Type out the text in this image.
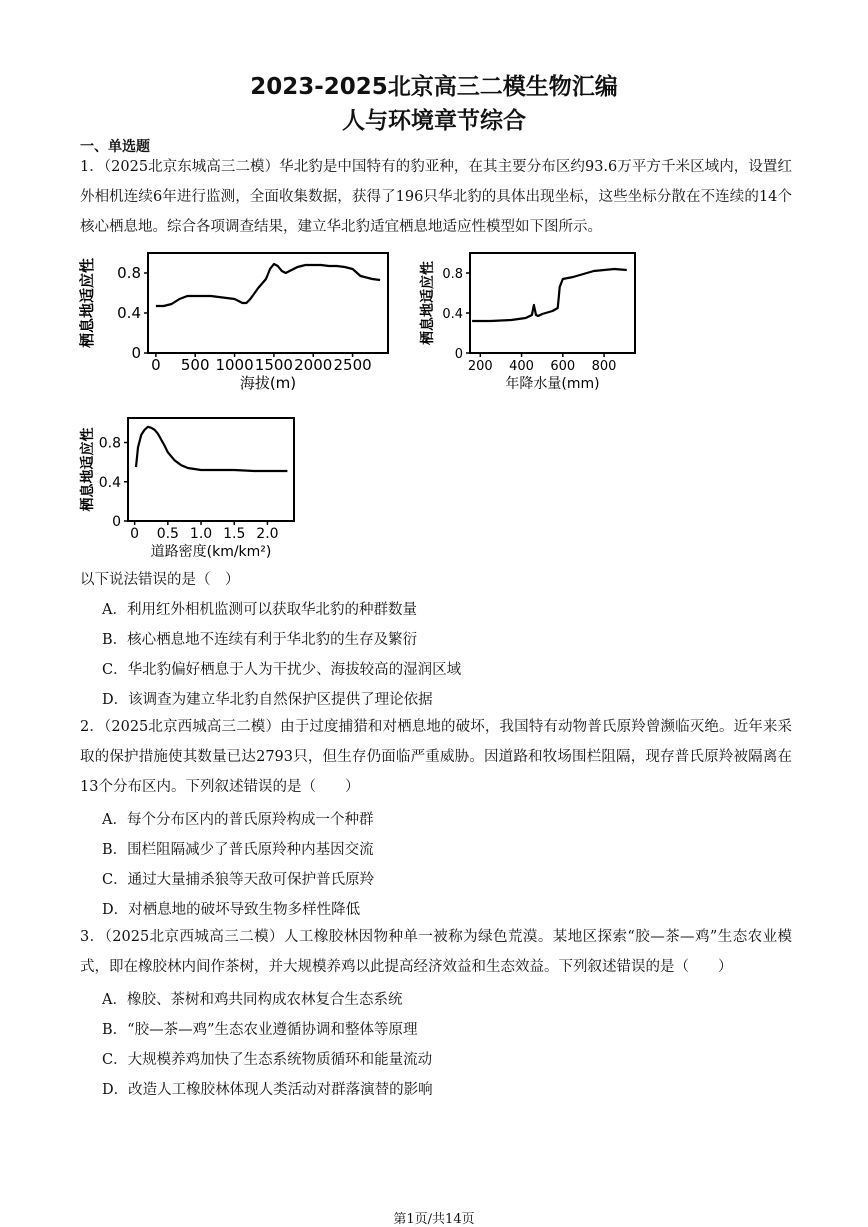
2023-2025北京高三二模生物汇编
人与环境章节综合
一、单选题
1．（2025北京东城高三二模）华北豹是中国特有的豹亚种，在其主要分布区约93.6万平方千米区域内，设置红外相机连续6年进行监测，全面收集数据，获得了196只华北豹的具体出现坐标，这些坐标分散在不连续的14个核心栖息地。综合各项调查结果，建立华北豹适宜栖息地适应性模型如下图所示。
0 500 1000 1500 2000 2500
0
0.4
0.8
海拔(m)
栖息地适应性
200 400 600 800
0
0.4
0.8
年降水量(mm)
栖息地适应性
0 0.5 1.0 1.5 2.0
0
0.4
0.8
道路密度(km/km²)
栖息地适应性
以下说法错误的是（　）
A．利用红外相机监测可以获取华北豹的种群数量
B．核心栖息地不连续有利于华北豹的生存及繁衍
C．华北豹偏好栖息于人为干扰少、海拔较高的湿润区域
D．该调查为建立华北豹自然保护区提供了理论依据
2．（2025北京西城高三二模）由于过度捕猎和对栖息地的破坏，我国特有动物普氏原羚曾濒临灭绝。近年来采取的保护措施使其数量已达2793只，但生存仍面临严重威胁。因道路和牧场围栏阻隔，现存普氏原羚被隔离在13个分布区内。下列叙述错误的是（　　）
A．每个分布区内的普氏原羚构成一个种群
B．围栏阻隔减少了普氏原羚种内基因交流
C．通过大量捕杀狼等天敌可保护普氏原羚
D．对栖息地的破坏导致生物多样性降低
3．（2025北京西城高三二模）人工橡胶林因物种单一被称为绿色荒漠。某地区探索“胶—茶—鸡”生态农业模式，即在橡胶林内间作茶树，并大规模养鸡以此提高经济效益和生态效益。下列叙述错误的是（　　）
A．橡胶、茶树和鸡共同构成农林复合生态系统
B．“胶—茶—鸡”生态农业遵循协调和整体等原理
C．大规模养鸡加快了生态系统物质循环和能量流动
D．改造人工橡胶林体现人类活动对群落演替的影响
第1页/共14页
